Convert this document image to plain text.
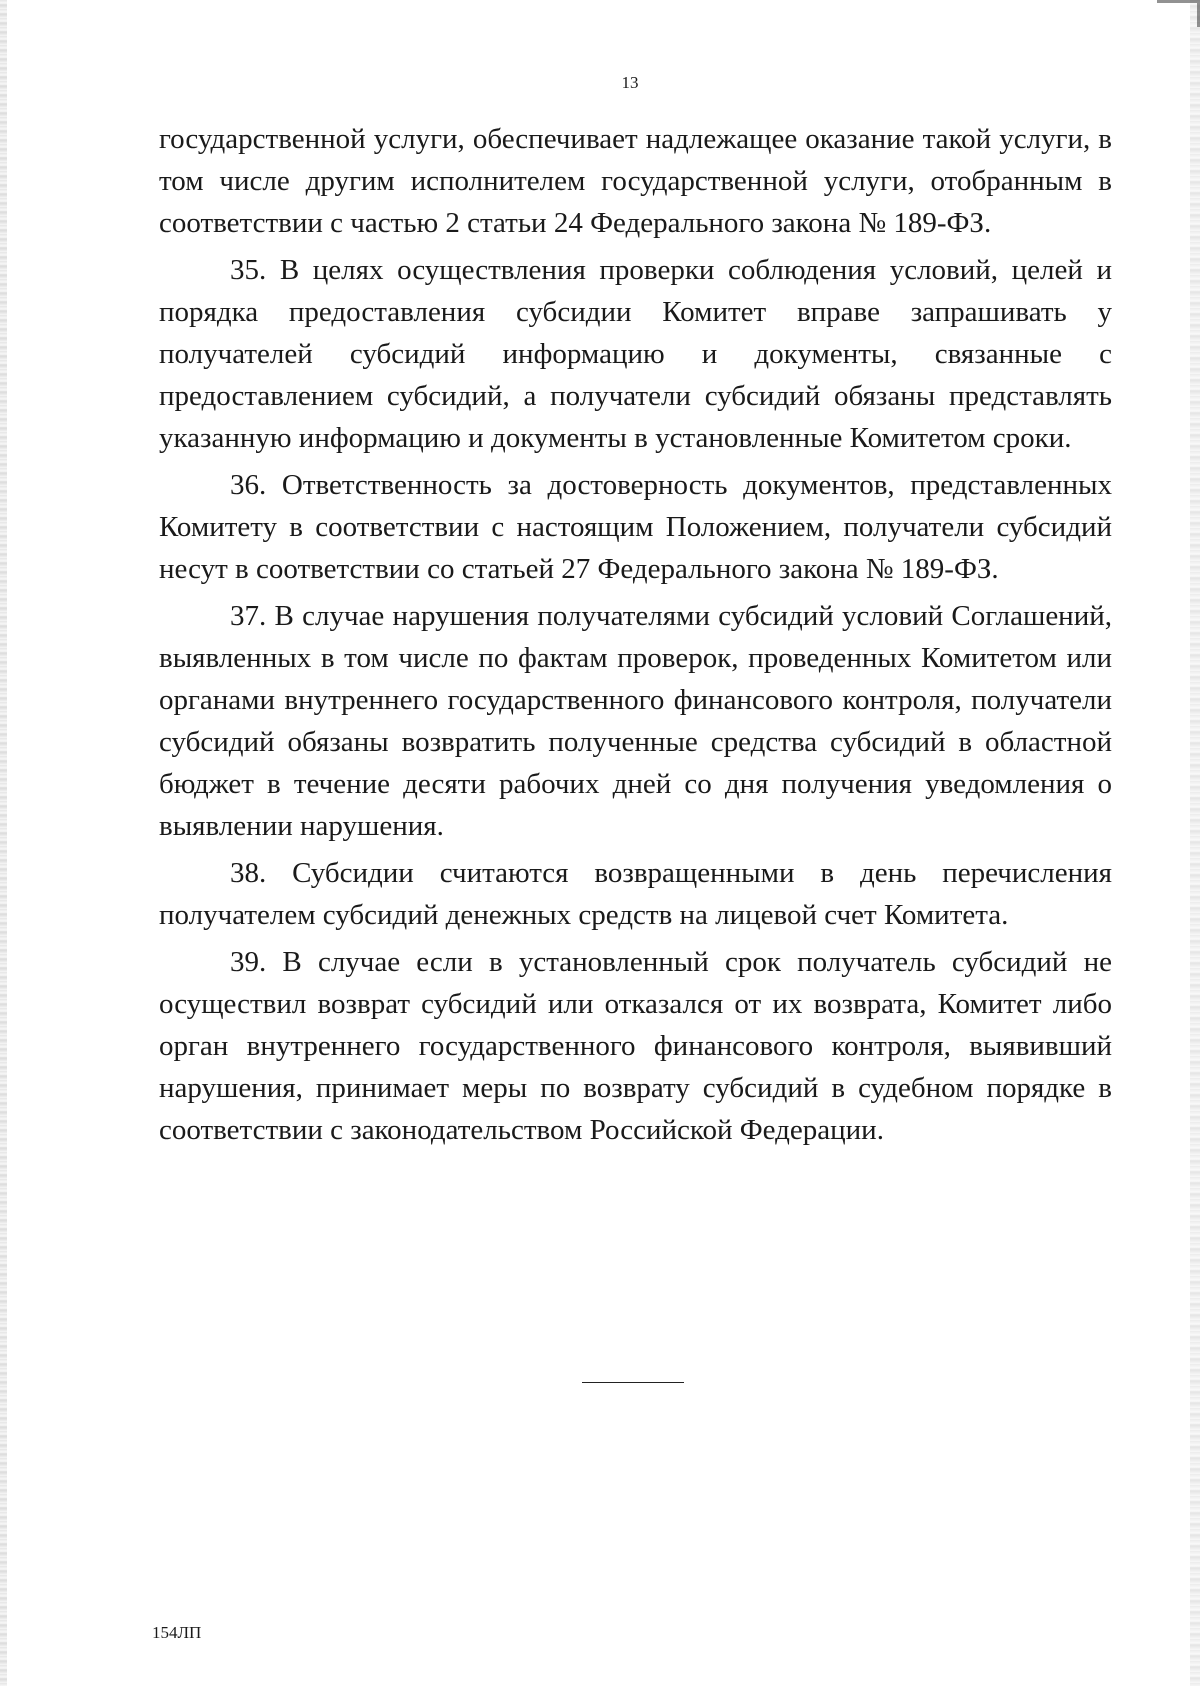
13

государственной услуги, обеспечивает надлежащее оказание такой услуги, в том числе другим исполнителем государственной услуги, отобранным в соответствии с частью 2 статьи 24 Федерального закона № 189-ФЗ.

35. В целях осуществления проверки соблюдения условий, целей и порядка предоставления субсидии Комитет вправе запрашивать у получателей субсидий информацию и документы, связанные с предоставлением субсидий, а получатели субсидий обязаны представлять указанную информацию и документы в установленные Комитетом сроки.

36. Ответственность за достоверность документов, представленных Комитету в соответствии с настоящим Положением, получатели субсидий несут в соответствии со статьей 27 Федерального закона № 189-ФЗ.

37. В случае нарушения получателями субсидий условий Соглашений, выявленных в том числе по фактам проверок, проведенных Комитетом или органами внутреннего государственного финансового контроля, получатели субсидий обязаны возвратить полученные средства субсидий в областной бюджет в течение десяти рабочих дней со дня получения уведомления о выявлении нарушения.

38. Субсидии считаются возвращенными в день перечисления получателем субсидий денежных средств на лицевой счет Комитета.

39. В случае если в установленный срок получатель субсидий не осуществил возврат субсидий или отказался от их возврата, Комитет либо орган внутреннего государственного финансового контроля, выявивший нарушения, принимает меры по возврату субсидий в судебном порядке в соответствии с законодательством Российской Федерации.

154ЛП
